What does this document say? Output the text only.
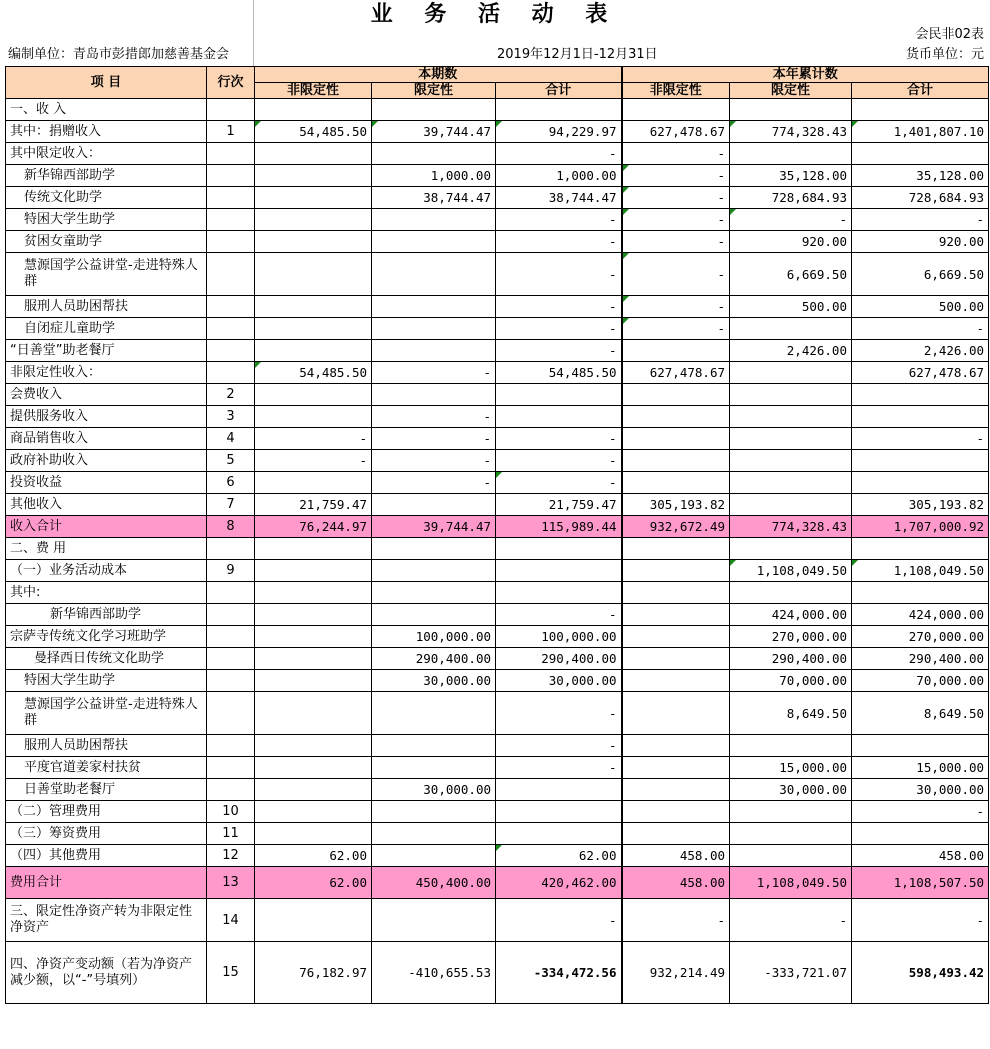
业 务 活 动 表
会民非02表
编制单位：青岛市彭措郎加慈善基金会	2019年12月1日-12月31日	货币单位：元
项 目	行次	本期数			本年累计数		
		非限定性	限定性	合计	非限定性	限定性	合计
一、收 入							
其中：捐赠收入	1	54,485.50	39,744.47	94,229.97	627,478.67	774,328.43	1,401,807.10
其中限定收入：				-	-		
新华锦西部助学			1,000.00	1,000.00	-	35,128.00	35,128.00
传统文化助学			38,744.47	38,744.47	-	728,684.93	728,684.93
特困大学生助学				-	-	-	-
贫困女童助学				-	-	920.00	920.00
慧源国学公益讲堂-走进特殊人群				-	-	6,669.50	6,669.50
服刑人员助困帮扶				-	-	500.00	500.00
自闭症儿童助学				-	-		-
“日善堂”助老餐厅				-		2,426.00	2,426.00
非限定性收入：		54,485.50	-	54,485.50	627,478.67		627,478.67
会费收入	2						
提供服务收入	3		-				
商品销售收入	4	-	-	-			-
政府补助收入	5	-	-	-			
投资收益	6		-	-			
其他收入	7	21,759.47		21,759.47	305,193.82		305,193.82
收入合计	8	76,244.97	39,744.47	115,989.44	932,672.49	774,328.43	1,707,000.92
二、费 用							
（一）业务活动成本	9					1,108,049.50	1,108,049.50
其中:							
新华锦西部助学				-		424,000.00	424,000.00
宗萨寺传统文化学习班助学			100,000.00	100,000.00		270,000.00	270,000.00
曼择西日传统文化助学			290,400.00	290,400.00		290,400.00	290,400.00
特困大学生助学			30,000.00	30,000.00		70,000.00	70,000.00
慧源国学公益讲堂-走进特殊人群				-		8,649.50	8,649.50
服刑人员助困帮扶				-			
平度官道姜家村扶贫				-		15,000.00	15,000.00
日善堂助老餐厅			30,000.00			30,000.00	30,000.00
（二）管理费用	10						-
（三）筹资费用	11						
（四）其他费用	12	62.00		62.00	458.00		458.00
费用合计	13	62.00	450,400.00	420,462.00	458.00	1,108,049.50	1,108,507.50
三、限定性净资产转为非限定性净资产	14			-	-	-	-
四、净资产变动额（若为净资产减少额，以“-”号填列）	15	76,182.97	-410,655.53	-334,472.56	932,214.49	-333,721.07	598,493.42
